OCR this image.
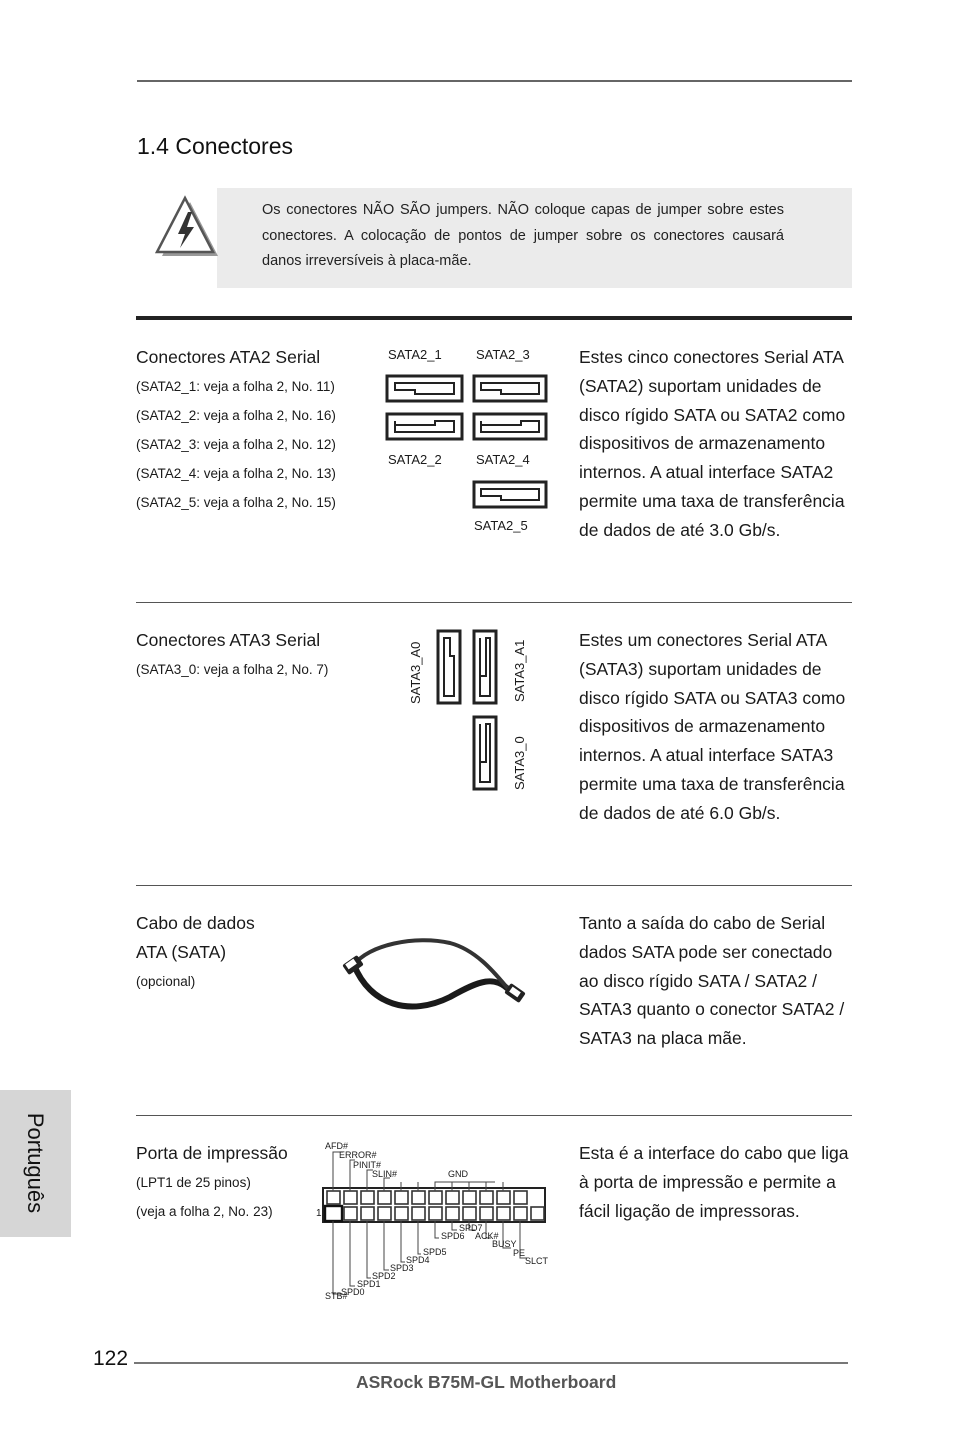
1.4 Conectores
Os conectores NÃO SÃO jumpers. NÃO coloque capas de jumper sobre estes conectores. A colocação de pontos de jumper sobre os conectores causará danos irreversíveis à placa-mãe.
Conectores ATA2 Serial
(SATA2_1: veja a folha 2, No. 11)
(SATA2_2: veja a folha 2, No. 16)
(SATA2_3: veja a folha 2, No. 12)
(SATA2_4: veja a folha 2, No. 13)
(SATA2_5: veja a folha 2, No. 15)
SATA2_1	SATA2_3
SATA2_2	SATA2_4
SATA2_5
Estes cinco conectores Serial ATA (SATA2) suportam unidades de disco rígido SATA ou SATA2 como dispositivos de armazenamento internos. A atual interface SATA2 permite uma taxa de transferência de dados de até 3.0 Gb/s.
Conectores ATA3 Serial
(SATA3_0: veja a folha 2, No. 7)	SATA3_A0	SATA3_A1
SATA3_0
Estes um conectores Serial ATA (SATA3) suportam unidades de disco rígido SATA ou SATA3 como dispositivos de armazenamento internos. A atual interface SATA3 permite uma taxa de transferência de dados de até 6.0 Gb/s.
Cabo de dados
ATA (SATA)
(opcional)
Tanto a saída do cabo de Serial dados SATA pode ser conectado ao disco rígido SATA / SATA2 / SATA3 quanto o conector SATA2 / SATA3 na placa mãe.
Porta de impressão
(LPT1 de 25 pinos)
(veja a folha 2, No. 23)
AFD#
ERROR#
PINIT#
SLIN#	GND
SPD7
SPD6 ACK#
BUSY
PE
SLCT
SPD5
SPD4
SPD3
SPD2
SPD1
SPD0
STB#
1
Esta é a interface do cabo que liga à porta de impressão e permite a fácil ligação de impressoras.
Português
122
ASRock B75M-GL Motherboard
